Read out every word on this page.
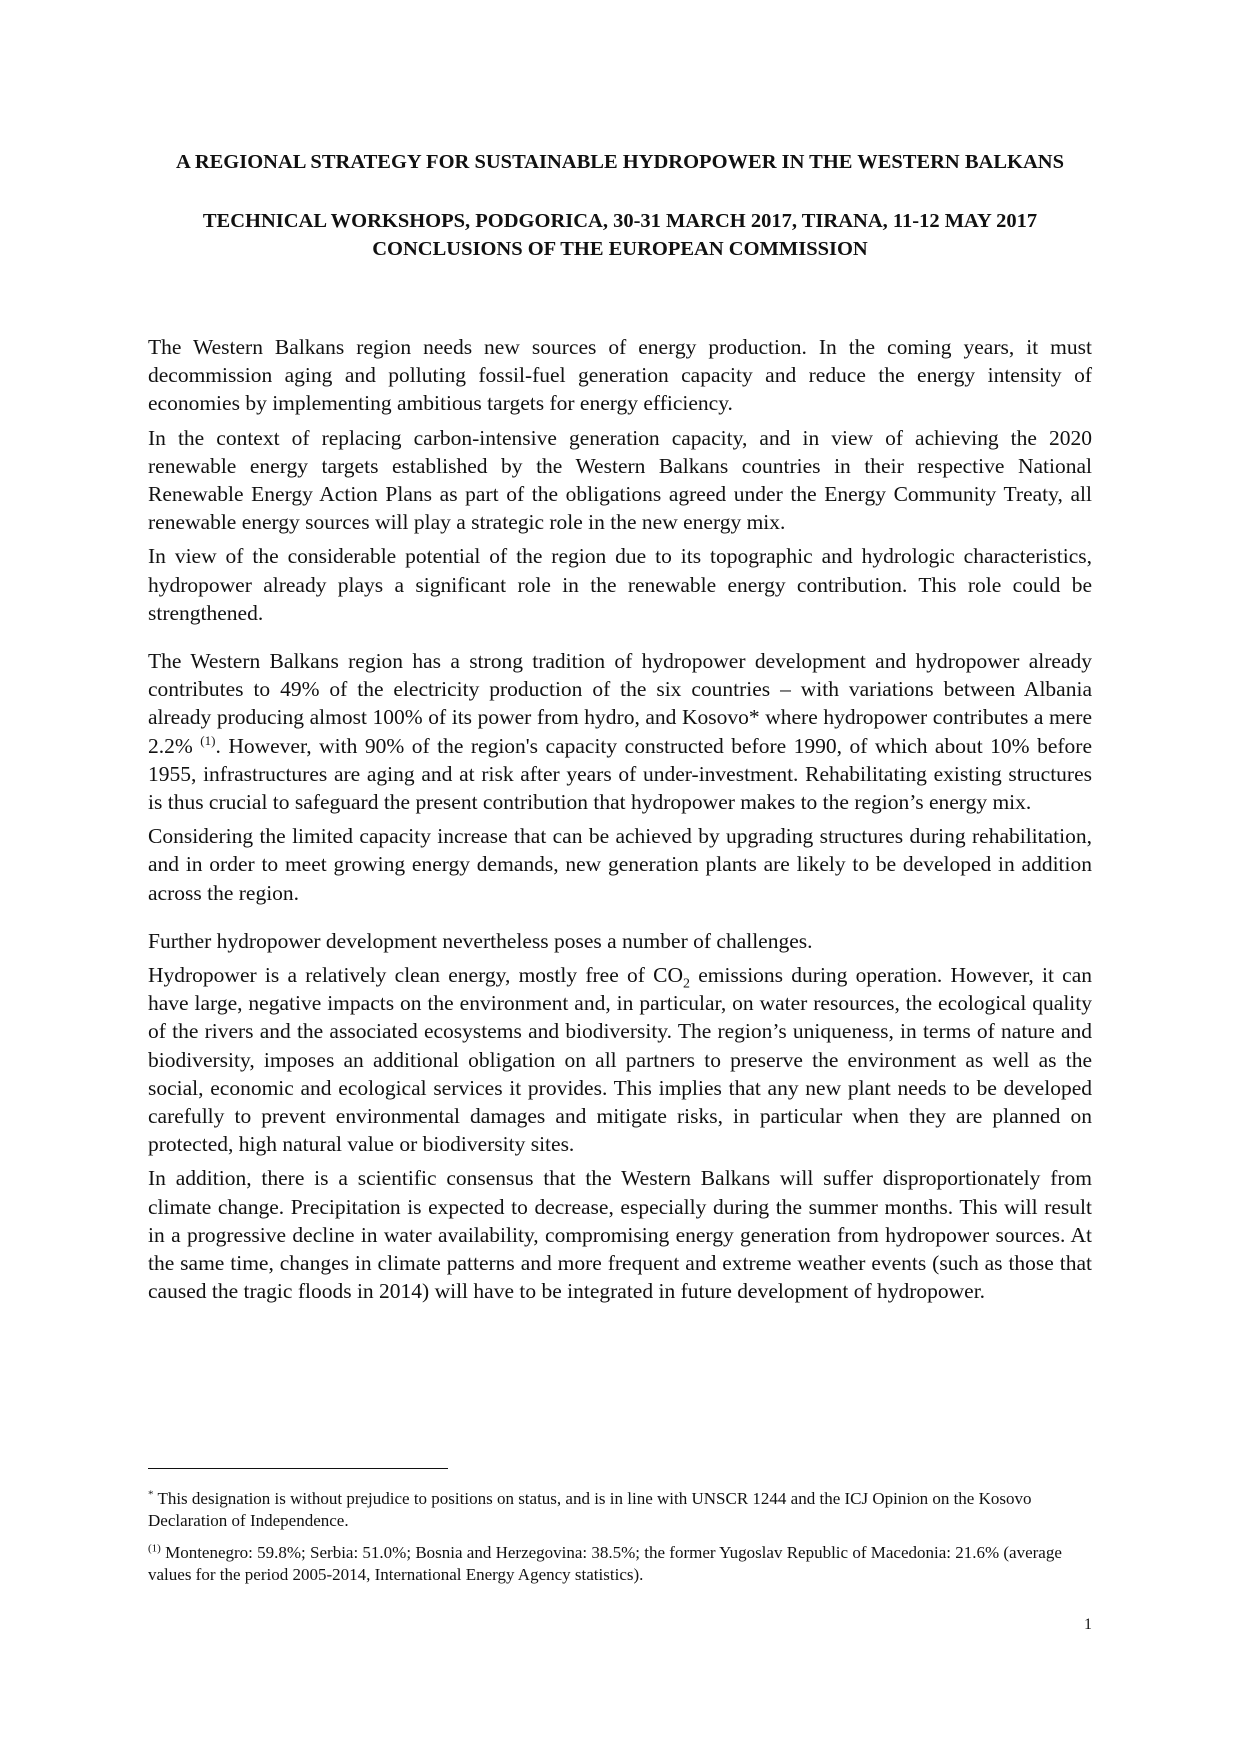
A REGIONAL STRATEGY FOR SUSTAINABLE HYDROPOWER IN THE WESTERN BALKANS
TECHNICAL WORKSHOPS, PODGORICA, 30-31 MARCH 2017, TIRANA, 11-12 MAY 2017
CONCLUSIONS OF THE EUROPEAN COMMISSION

The Western Balkans region needs new sources of energy production. In the coming years, it must decommission aging and polluting fossil-fuel generation capacity and reduce the energy intensity of economies by implementing ambitious targets for energy efficiency.

In the context of replacing carbon-intensive generation capacity, and in view of achieving the 2020 renewable energy targets established by the Western Balkans countries in their respective National Renewable Energy Action Plans as part of the obligations agreed under the Energy Community Treaty, all renewable energy sources will play a strategic role in the new energy mix.

In view of the considerable potential of the region due to its topographic and hydrologic characteristics, hydropower already plays a significant role in the renewable energy contribution. This role could be strengthened.

The Western Balkans region has a strong tradition of hydropower development and hydropower already contributes to 49% of the electricity production of the six countries – with variations between Albania already producing almost 100% of its power from hydro, and Kosovo* where hydropower contributes a mere 2.2% $^{(1)}$. However, with 90% of the region's capacity constructed before 1990, of which about 10% before 1955, infrastructures are aging and at risk after years of under-investment. Rehabilitating existing structures is thus crucial to safeguard the present contribution that hydropower makes to the region’s energy mix.

Considering the limited capacity increase that can be achieved by upgrading structures during rehabilitation, and in order to meet growing energy demands, new generation plants are likely to be developed in addition across the region.

Further hydropower development nevertheless poses a number of challenges.

Hydropower is a relatively clean energy, mostly free of $CO_2$ emissions during operation. However, it can have large, negative impacts on the environment and, in particular, on water resources, the ecological quality of the rivers and the associated ecosystems and biodiversity. The region’s uniqueness, in terms of nature and biodiversity, imposes an additional obligation on all partners to preserve the environment as well as the social, economic and ecological services it provides. This implies that any new plant needs to be developed carefully to prevent environmental damages and mitigate risks, in particular when they are planned on protected, high natural value or biodiversity sites.

In addition, there is a scientific consensus that the Western Balkans will suffer disproportionately from climate change. Precipitation is expected to decrease, especially during the summer months. This will result in a progressive decline in water availability, compromising energy generation from hydropower sources. At the same time, changes in climate patterns and more frequent and extreme weather events (such as those that caused the tragic floods in 2014) will have to be integrated in future development of hydropower.

* This designation is without prejudice to positions on status, and is in line with UNSCR 1244 and the ICJ Opinion on the Kosovo Declaration of Independence.

$^{(1)}$ Montenegro: 59.8%; Serbia: 51.0%; Bosnia and Herzegovina: 38.5%; the former Yugoslav Republic of Macedonia: 21.6% (average values for the period 2005-2014, International Energy Agency statistics).

1
